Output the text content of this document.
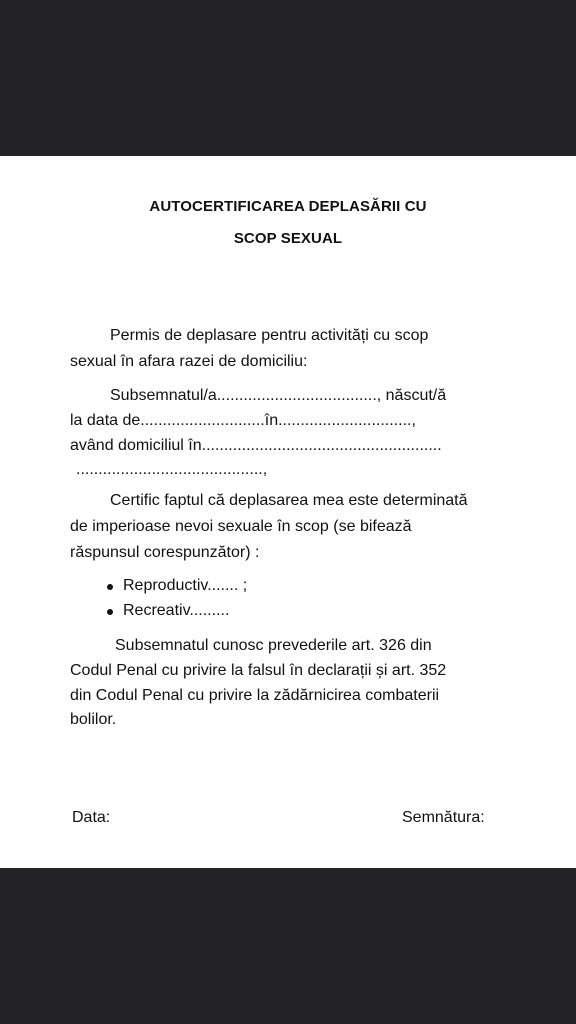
AUTOCERTIFICAREA DEPLASĂRII CU
SCOP SEXUAL
Permis de deplasare pentru activități cu scop
sexual în afara razei de domiciliu:
Subsemnatul/a...................................., născut/ă
la data de............................în..............................,
având domiciliul în......................................................
..........................................,
Certific faptul că deplasarea mea este determinată
de imperioase nevoi sexuale în scop (se bifează
răspunsul corespunzător) :
Reproductiv....... ;
Recreativ.........
Subsemnatul cunosc prevederile art. 326 din
Codul Penal cu privire la falsul în declarații și art. 352
din Codul Penal cu privire la zădărnicirea combaterii
bolilor.
Data:	Semnătura:
